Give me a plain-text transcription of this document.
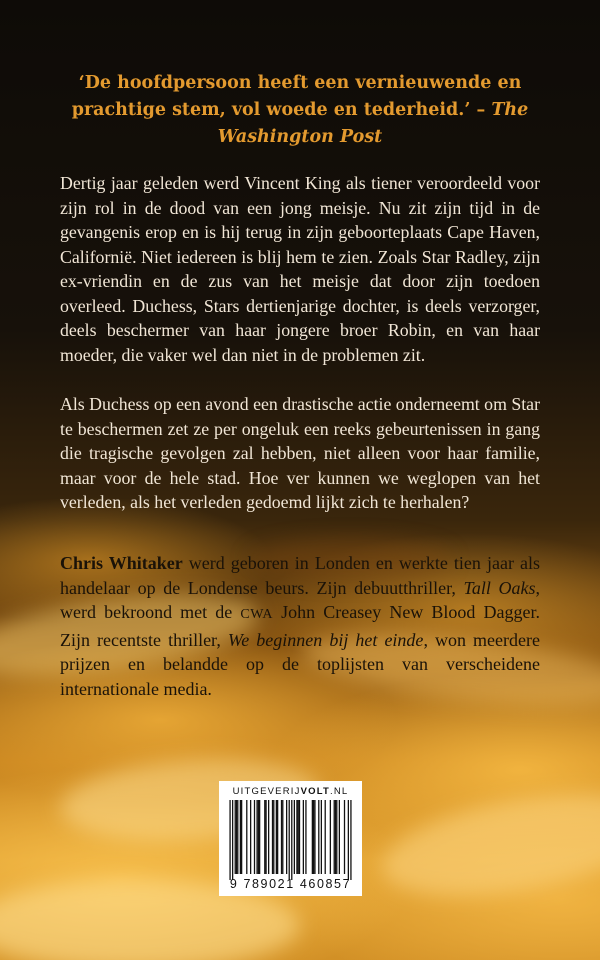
‘De hoofdpersoon heeft een vernieuwende en prachtige stem, vol woede en tederheid.’ – The Washington Post

Dertig jaar geleden werd Vincent King als tiener veroordeeld voor zijn rol in de dood van een jong meisje. Nu zit zijn tijd in de gevangenis erop en is hij terug in zijn geboorteplaats Cape Haven, Californië. Niet iedereen is blij hem te zien. Zoals Star Radley, zijn ex-vriendin en de zus van het meisje dat door zijn toedoen overleed. Duchess, Stars dertienjarige dochter, is deels verzorger, deels beschermer van haar jongere broer Robin, en van haar moeder, die vaker wel dan niet in de problemen zit.

Als Duchess op een avond een drastische actie onderneemt om Star te beschermen zet ze per ongeluk een reeks gebeurtenissen in gang die tragische gevolgen zal hebben, niet alleen voor haar familie, maar voor de hele stad. Hoe ver kunnen we weglopen van het verleden, als het verleden gedoemd lijkt zich te herhalen?

Chris Whitaker werd geboren in Londen en werkte tien jaar als handelaar op de Londense beurs. Zijn debuutthriller, Tall Oaks, werd bekroond met de CWA John Creasey New Blood Dagger. Zijn recentste thriller, We beginnen bij het einde, won meerdere prijzen en belandde op de toplijsten van verscheidene internationale media.

UITGEVERIJVOLT.NL
9 789021 460857
